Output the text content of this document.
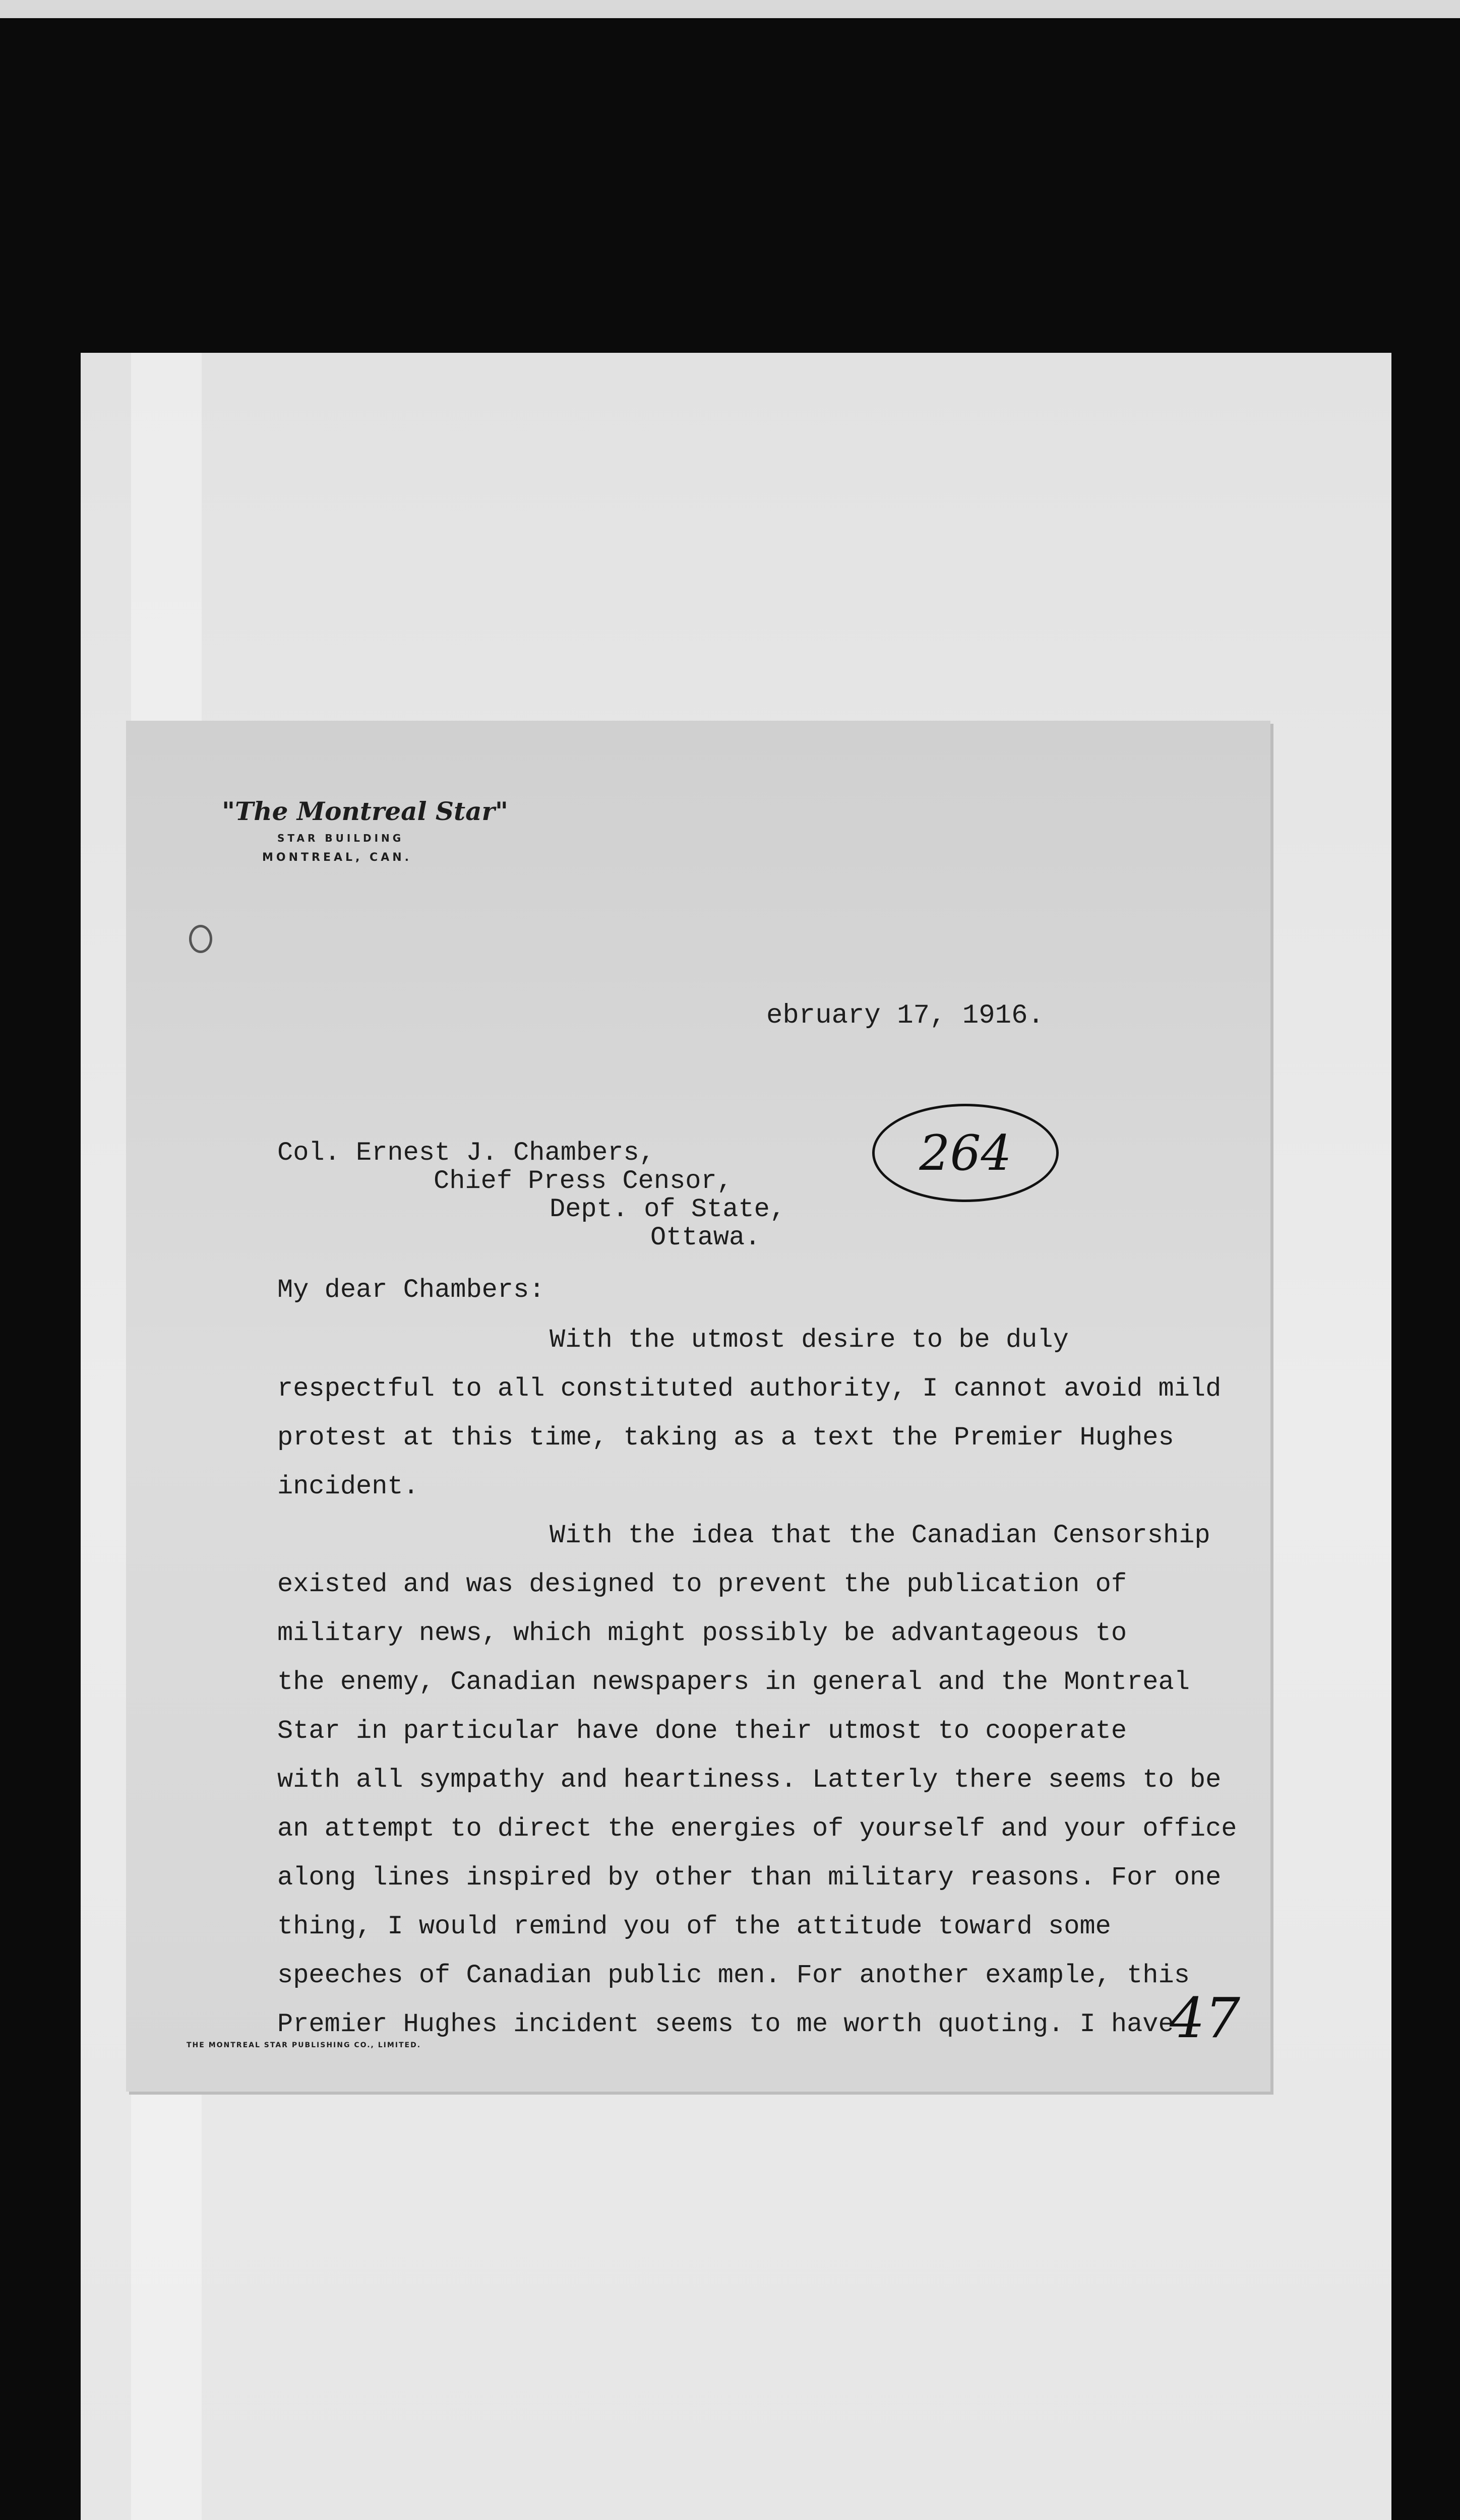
"The Montreal Star"
STAR BUILDING
MONTREAL, CAN.
ebruary 17, 1916.
Col. Ernest J. Chambers,
Chief Press Censor,
Dept. of State,
Ottawa.
264
My dear Chambers:
With the utmost desire to be duly
respectful to all constituted authority, I cannot avoid mild
protest at this time, taking as a text the Premier Hughes
incident.
With the idea that the Canadian Censorship
existed and was designed to prevent the publication of
military news, which might possibly be advantageous to
the enemy, Canadian newspapers in general and the Montreal
Star in particular have done their utmost to cooperate
with all sympathy and heartiness. Latterly there seems to be
an attempt to direct the energies of yourself and your office
along lines inspired by other than military reasons. For one
thing, I would remind you of the attitude toward some
speeches of Canadian public men. For another example, this
Premier Hughes incident seems to me worth quoting. I have
THE MONTREAL STAR PUBLISHING CO., LIMITED.	47
